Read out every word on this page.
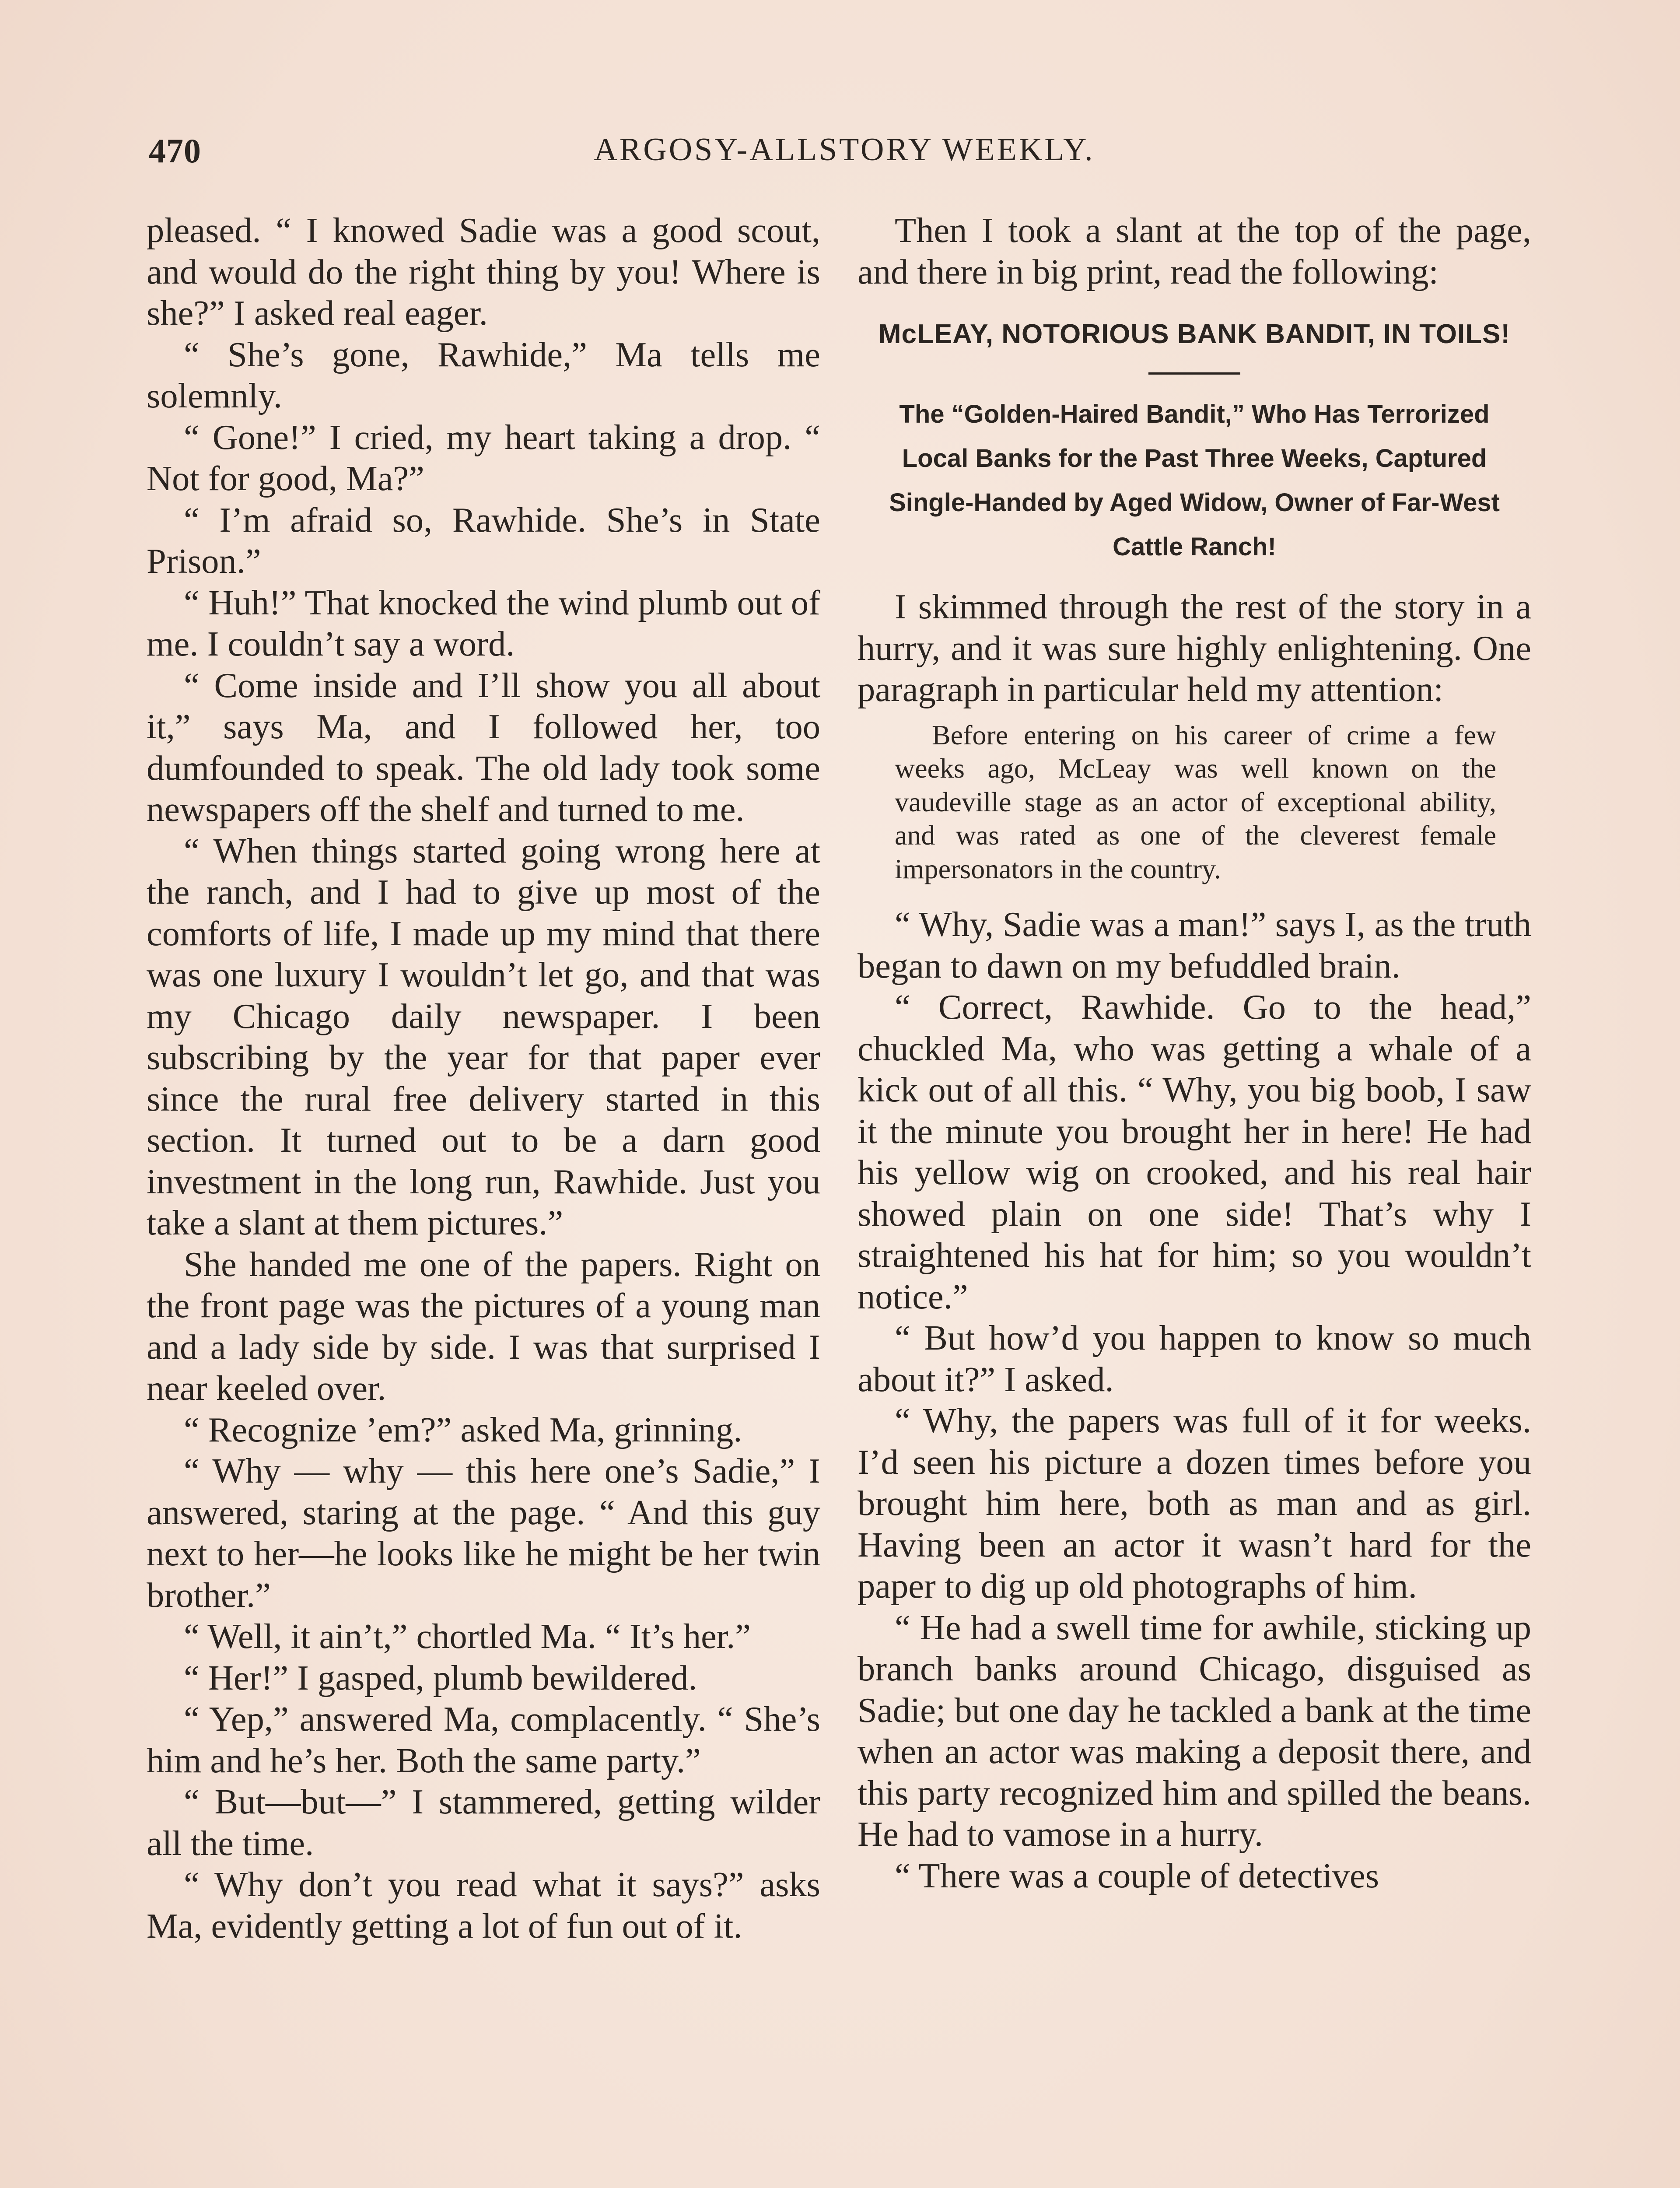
470	ARGOSY-ALLSTORY WEEKLY.

pleased. “ I knowed Sadie was a good scout, and would do the right thing by you! Where is she?” I asked real eager.

“ She’s gone, Rawhide,” Ma tells me solemnly.

“ Gone!” I cried, my heart taking a drop. “ Not for good, Ma?”

“ I’m afraid so, Rawhide. She’s in State Prison.”

“ Huh!” That knocked the wind plumb out of me. I couldn’t say a word.

“ Come inside and I’ll show you all about it,” says Ma, and I followed her, too dumfounded to speak. The old lady took some newspapers off the shelf and turned to me.

“ When things started going wrong here at the ranch, and I had to give up most of the comforts of life, I made up my mind that there was one luxury I wouldn’t let go, and that was my Chicago daily newspaper. I been subscribing by the year for that paper ever since the rural free delivery started in this section. It turned out to be a darn good investment in the long run, Rawhide. Just you take a slant at them pictures.”

She handed me one of the papers. Right on the front page was the pictures of a young man and a lady side by side. I was that surprised I near keeled over.

“ Recognize ’em?” asked Ma, grinning.

“ Why — why — this here one’s Sadie,” I answered, staring at the page. “ And this guy next to her—he looks like he might be her twin brother.”

“ Well, it ain’t,” chortled Ma. “ It’s her.”

“ Her!” I gasped, plumb bewildered.

“ Yep,” answered Ma, complacently. “ She’s him and he’s her. Both the same party.”

“ But—but—” I stammered, getting wilder all the time.

“ Why don’t you read what it says?” asks Ma, evidently getting a lot of fun out of it.

Then I took a slant at the top of the page, and there in big print, read the following:

McLEAY, NOTORIOUS BANK BANDIT, IN TOILS!
The “Golden-Haired Bandit,” Who Has Terrorized Local Banks for the Past Three Weeks, Captured Single-Handed by Aged Widow, Owner of Far-West Cattle Ranch!

I skimmed through the rest of the story in a hurry, and it was sure highly enlightening. One paragraph in particular held my attention:

Before entering on his career of crime a few weeks ago, McLeay was well known on the vaudeville stage as an actor of exceptional ability, and was rated as one of the cleverest female impersonators in the country.

“ Why, Sadie was a man!” says I, as the truth began to dawn on my befuddled brain.

“ Correct, Rawhide. Go to the head,” chuckled Ma, who was getting a whale of a kick out of all this. “ Why, you big boob, I saw it the minute you brought her in here! He had his yellow wig on crooked, and his real hair showed plain on one side! That’s why I straightened his hat for him; so you wouldn’t notice.”

“ But how’d you happen to know so much about it?” I asked.

“ Why, the papers was full of it for weeks. I’d seen his picture a dozen times before you brought him here, both as man and as girl. Having been an actor it wasn’t hard for the paper to dig up old photographs of him.

“ He had a swell time for awhile, sticking up branch banks around Chicago, disguised as Sadie; but one day he tackled a bank at the time when an actor was making a deposit there, and this party recognized him and spilled the beans. He had to vamose in a hurry.

“ There was a couple of detectives
